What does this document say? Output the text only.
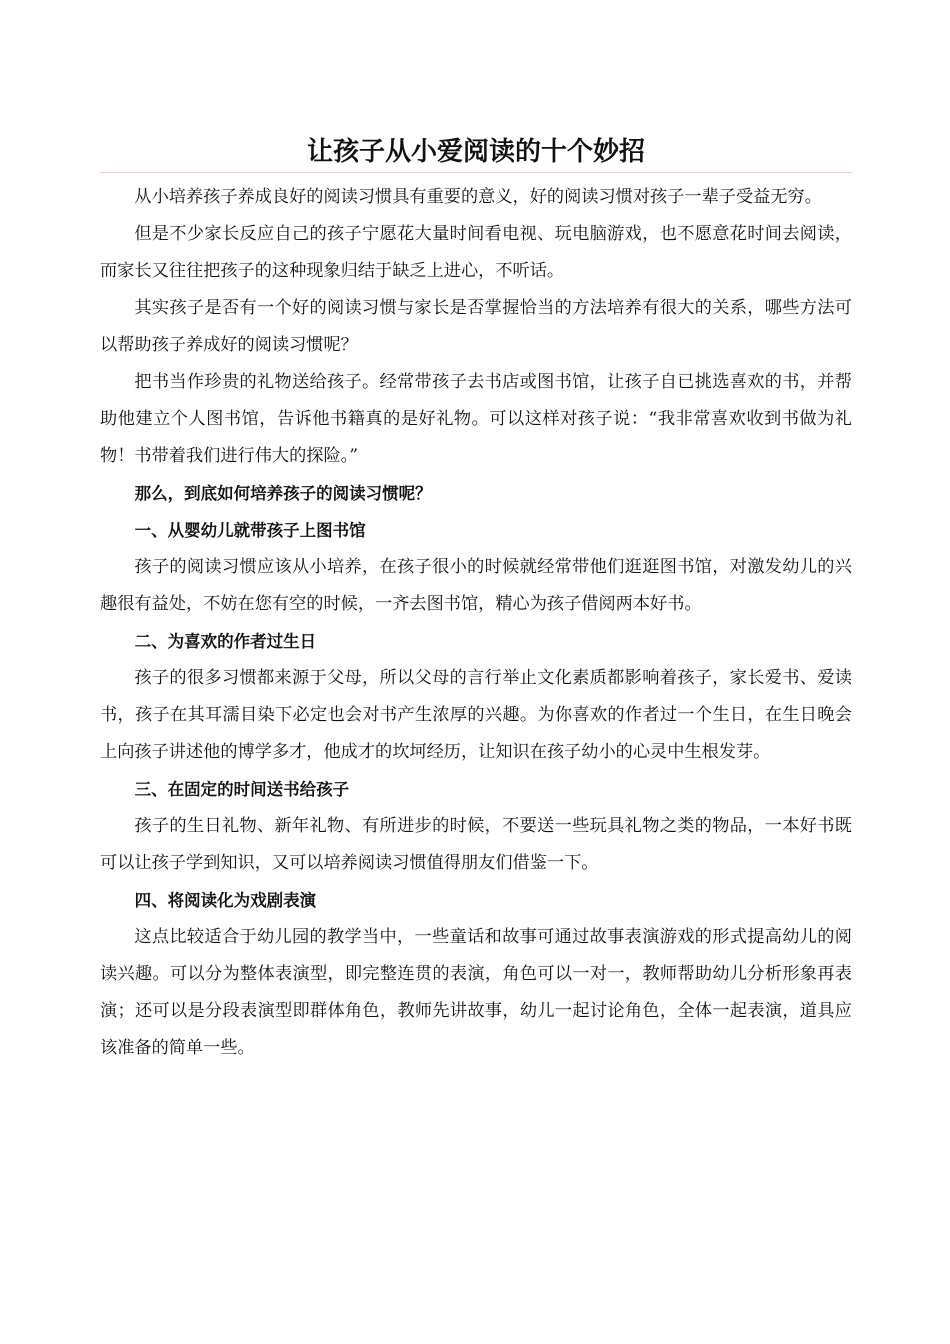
让孩子从小爱阅读的十个妙招

从小培养孩子养成良好的阅读习惯具有重要的意义，好的阅读习惯对孩子一辈子受益无穷。

但是不少家长反应自己的孩子宁愿花大量时间看电视、玩电脑游戏，也不愿意花时间去阅读，而家长又往往把孩子的这种现象归结于缺乏上进心，不听话。

其实孩子是否有一个好的阅读习惯与家长是否掌握恰当的方法培养有很大的关系，哪些方法可以帮助孩子养成好的阅读习惯呢？

把书当作珍贵的礼物送给孩子。经常带孩子去书店或图书馆，让孩子自已挑选喜欢的书，并帮助他建立个人图书馆，告诉他书籍真的是好礼物。可以这样对孩子说：“我非常喜欢收到书做为礼物！书带着我们进行伟大的探险。”

那么，到底如何培养孩子的阅读习惯呢？

一、从婴幼儿就带孩子上图书馆

孩子的阅读习惯应该从小培养，在孩子很小的时候就经常带他们逛逛图书馆，对激发幼儿的兴趣很有益处，不妨在您有空的时候，一齐去图书馆，精心为孩子借阅两本好书。

二、为喜欢的作者过生日

孩子的很多习惯都来源于父母，所以父母的言行举止文化素质都影响着孩子，家长爱书、爱读书，孩子在其耳濡目染下必定也会对书产生浓厚的兴趣。为你喜欢的作者过一个生日，在生日晚会上向孩子讲述他的博学多才，他成才的坎坷经历，让知识在孩子幼小的心灵中生根发芽。

三、在固定的时间送书给孩子

孩子的生日礼物、新年礼物、有所进步的时候，不要送一些玩具礼物之类的物品，一本好书既可以让孩子学到知识，又可以培养阅读习惯值得朋友们借鉴一下。

四、将阅读化为戏剧表演

这点比较适合于幼儿园的教学当中，一些童话和故事可通过故事表演游戏的形式提高幼儿的阅读兴趣。可以分为整体表演型，即完整连贯的表演，角色可以一对一，教师帮助幼儿分析形象再表演；还可以是分段表演型即群体角色，教师先讲故事，幼儿一起讨论角色，全体一起表演，道具应该准备的简单一些。
